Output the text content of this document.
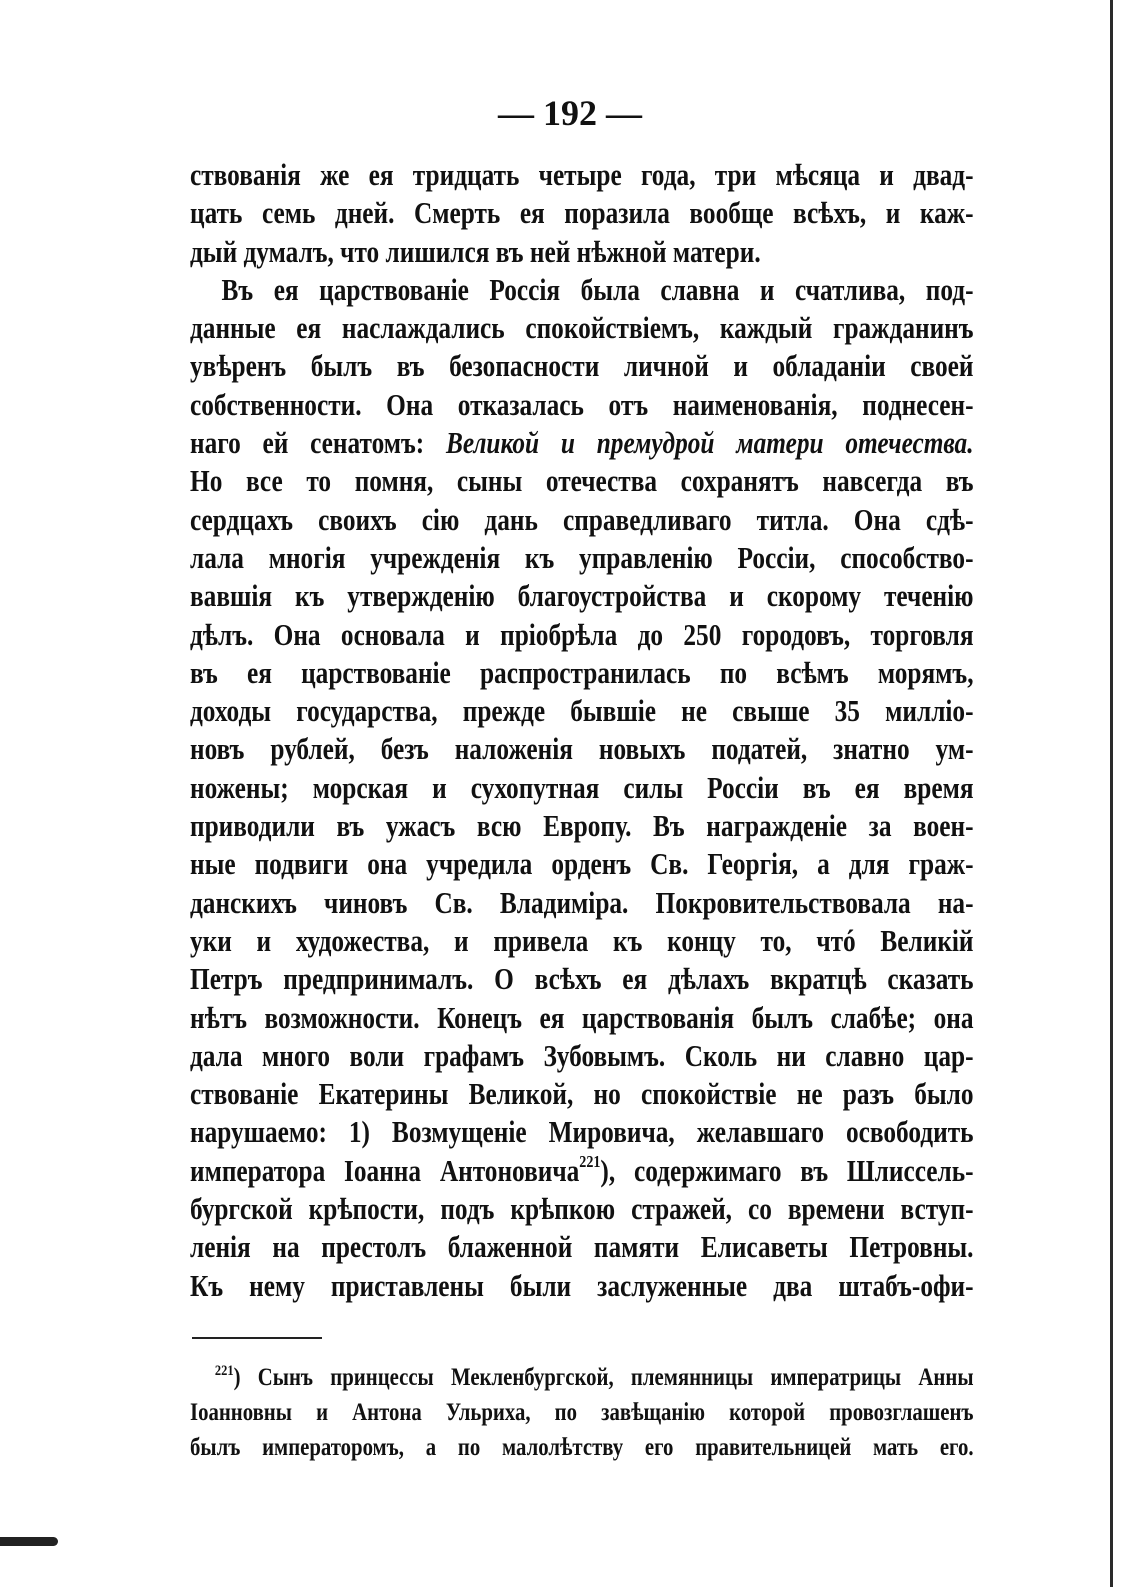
— 192 —
ствованія же ея тридцать четыре года, три мѣсяца и двад-
цать семь дней. Смерть ея поразила вообще всѣхъ, и каж-
дый думалъ, что лишился въ ней нѣжной матери.
Въ ея царствованіе Россія была славна и счатлива, под-
данные ея наслаждались спокойствіемъ, каждый гражданинъ
увѣренъ былъ въ безопасности личной и обладаніи своей
собственности. Она отказалась отъ наименованія, поднесен-
наго ей сенатомъ: Великой и премудрой матери отечества.
Но все то помня, сыны отечества сохранятъ навсегда въ
сердцахъ своихъ сію дань справедливаго титла. Она сдѣ-
лала многія учрежденія къ управленію Россіи, способство-
вавшія къ утвержденію благоустройства и скорому теченію
дѣлъ. Она основала и пріобрѣла до 250 городовъ, торговля
въ ея царствованіе распространилась по всѣмъ морямъ,
доходы государства, прежде бывшіе не свыше 35 милліо-
новъ рублей, безъ наложенія новыхъ податей, знатно ум-
ножены; морская и сухопутная силы Россіи въ ея время
приводили въ ужасъ всю Европу. Въ награжденіе за воен-
ные подвиги она учредила орденъ Св. Георгія, а для граж-
данскихъ чиновъ Св. Владиміра. Покровительствовала на-
уки и художества, и привела къ концу то, чтó Великій
Петръ предпринималъ. О всѣхъ ея дѣлахъ вкратцѣ сказать
нѣтъ возможности. Конецъ ея царствованія былъ слабѣе; она
дала много воли графамъ Зубовымъ. Сколь ни славно цар-
ствованіе Екатерины Великой, но спокойствіе не разъ было
нарушаемо: 1) Возмущеніе Мировича, желавшаго освободить
императора Іоанна Антоновича$^{221}$), содержимаго въ Шлиссель-
бургской крѣпости, подъ крѣпкою стражей, со времени вступ-
ленія на престолъ блаженной памяти Елисаветы Петровны.
Къ нему приставлены были заслуженные два штабъ-офи-
$^{221}$) Сынъ принцессы Мекленбургской, племянницы императрицы Анны
Іоанновны и Антона Ульриха, по завѣщанію которой провозглашенъ
былъ императоромъ, а по малолѣтству его правительницей мать его.
